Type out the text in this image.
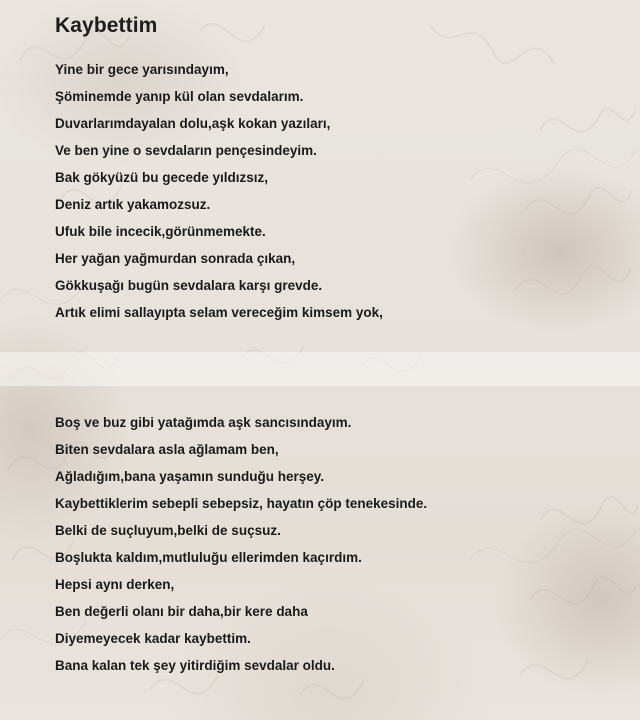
Kaybettim
Yine bir gece yarısındayım,
Şöminemde yanıp kül olan sevdalarım.
Duvarlarımdayalan dolu,aşk kokan yazıları,
Ve ben yine o sevdaların pençesindeyim.
Bak gökyüzü bu gecede yıldızsız,
Deniz artık yakamozsuz.
Ufuk bile incecik,görünmemekte.
Her yağan yağmurdan sonrada çıkan,
Gökkuşağı bugün sevdalara karşı grevde.
Artık elimi sallayıpta selam vereceğim kimsem yok,
Boş ve buz gibi yatağımda aşk sancısındayım.
Biten sevdalara asla ağlamam ben,
Ağladığım,bana yaşamın sunduğu herşey.
Kaybettiklerim sebepli sebepsiz, hayatın çöp tenekesinde.
Belki de suçluyum,belki de suçsuz.
Boşlukta kaldım,mutluluğu ellerimden kaçırdım.
Hepsi aynı derken,
Ben değerli olanı bir daha,bir kere daha
Diyemeyecek kadar kaybettim.
Bana kalan tek şey yitirdiğim sevdalar oldu.
